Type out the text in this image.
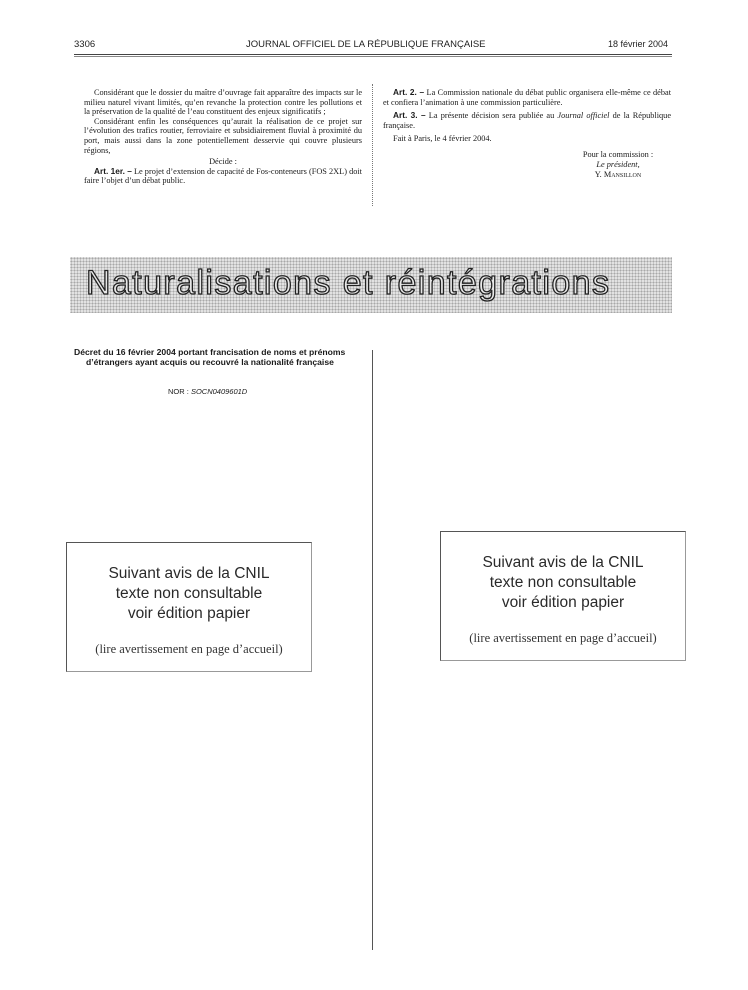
3306	JOURNAL OFFICIEL DE LA RÉPUBLIQUE FRANÇAISE	18 février 2004

Considérant que le dossier du maître d’ouvrage fait apparaître des impacts sur le milieu naturel vivant limités, qu’en revanche la protection contre les pollutions et la préservation de la qualité de l’eau constituent des enjeux significatifs ;

Considérant enfin les conséquences qu’aurait la réalisation de ce projet sur l’évolution des trafics routier, ferroviaire et subsidiairement fluvial à proximité du port, mais aussi dans la zone potentiellement desservie qui couvre plusieurs régions,

Décide :

Art. 1er. – Le projet d’extension de capacité de Fos-conteneurs (FOS 2XL) doit faire l’objet d’un débat public.

Art. 2. – La Commission nationale du débat public organisera elle-même ce débat et confiera l’animation à une commission particulière.

Art. 3. – La présente décision sera publiée au Journal officiel de la République française.

Fait à Paris, le 4 février 2004.

Pour la commission :
Le président,
Y. Mansillon
Naturalisations et réintégrations
Décret du 16 février 2004 portant francisation de noms et prénoms d’étrangers ayant acquis ou recouvré la nationalité française
NOR : SOCN0409601D
Suivant avis de la CNIL
texte non consultable
voir édition papier
(lire avertissement en page d’accueil)
Suivant avis de la CNIL
texte non consultable
voir édition papier
(lire avertissement en page d’accueil)
